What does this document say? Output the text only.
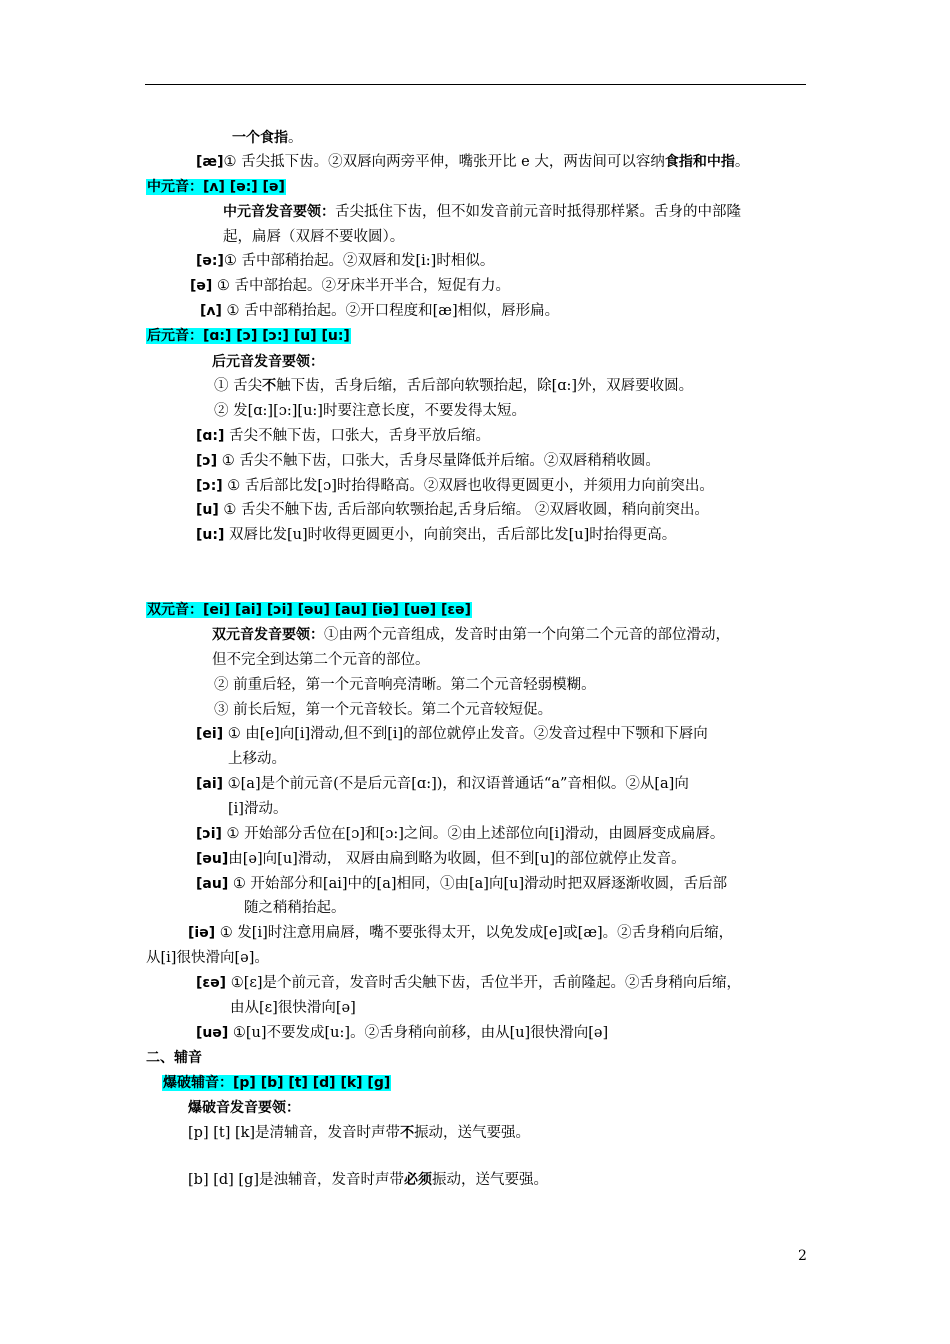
一个食指。
[æ]① 舌尖抵下齿。②双唇向两旁平伸，嘴张开比 e 大，两齿间可以容纳食指和中指。
中元音：[ʌ] [ə:] [ə]
中元音发音要领：舌尖抵住下齿，但不如发音前元音时抵得那样紧。舌身的中部隆
起，扁唇（双唇不要收圆）。
[ə:]① 舌中部稍抬起。②双唇和发[i:]时相似。
[ə] ① 舌中部抬起。②牙床半开半合，短促有力。
[ʌ] ① 舌中部稍抬起。②开口程度和[æ]相似，唇形扁。
后元音：[ɑ:] [ɔ] [ɔ:] [u] [u:]
后元音发音要领：
① 舌尖不触下齿，舌身后缩，舌后部向软颚抬起，除[ɑ:]外，双唇要收圆。
② 发[ɑ:][ɔ:][u:]时要注意长度，不要发得太短。
[ɑ:] 舌尖不触下齿，口张大，舌身平放后缩。
[ɔ] ① 舌尖不触下齿，口张大，舌身尽量降低并后缩。②双唇稍稍收圆。
[ɔ:] ① 舌后部比发[ɔ]时抬得略高。②双唇也收得更圆更小，并须用力向前突出。
[u] ① 舌尖不触下齿, 舌后部向软颚抬起,舌身后缩。 ②双唇收圆，稍向前突出。
[u:] 双唇比发[u]时收得更圆更小，向前突出，舌后部比发[u]时抬得更高。
双元音：[ei] [ai] [ɔi] [əu] [au] [iə] [uə] [ɛə]
双元音发音要领：①由两个元音组成，发音时由第一个向第二个元音的部位滑动，
但不完全到达第二个元音的部位。
② 前重后轻，第一个元音响亮清晰。第二个元音轻弱模糊。
③ 前长后短，第一个元音较长。第二个元音较短促。
[ei] ① 由[e]向[i]滑动,但不到[i]的部位就停止发音。②发音过程中下颚和下唇向
上移动。
[ai] ①[a]是个前元音(不是后元音[ɑ:])，和汉语普通话“a”音相似。②从[a]向
[i]滑动。
[ɔi] ① 开始部分舌位在[ɔ]和[ɔ:]之间。②由上述部位向[i]滑动，由圆唇变成扁唇。
[əu]由[ə]向[u]滑动， 双唇由扁到略为收圆，但不到[u]的部位就停止发音。
[au] ① 开始部分和[ai]中的[a]相同，①由[a]向[u]滑动时把双唇逐渐收圆，舌后部
随之稍稍抬起。
[iə] ① 发[i]时注意用扁唇，嘴不要张得太开，以免发成[e]或[æ]。②舌身稍向后缩，
从[i]很快滑向[ə]。
[ɛə] ①[ɛ]是个前元音，发音时舌尖触下齿，舌位半开，舌前隆起。②舌身稍向后缩，
由从[ɛ]很快滑向[ə]
[uə] ①[u]不要发成[u:]。②舌身稍向前移，由从[u]很快滑向[ə]
二、辅音
爆破辅音：[p] [b] [t] [d] [k] [g]
爆破音发音要领：
[p] [t] [k]是清辅音，发音时声带不振动，送气要强。
[b] [d] [g]是浊辅音，发音时声带必须振动，送气要强。
2
